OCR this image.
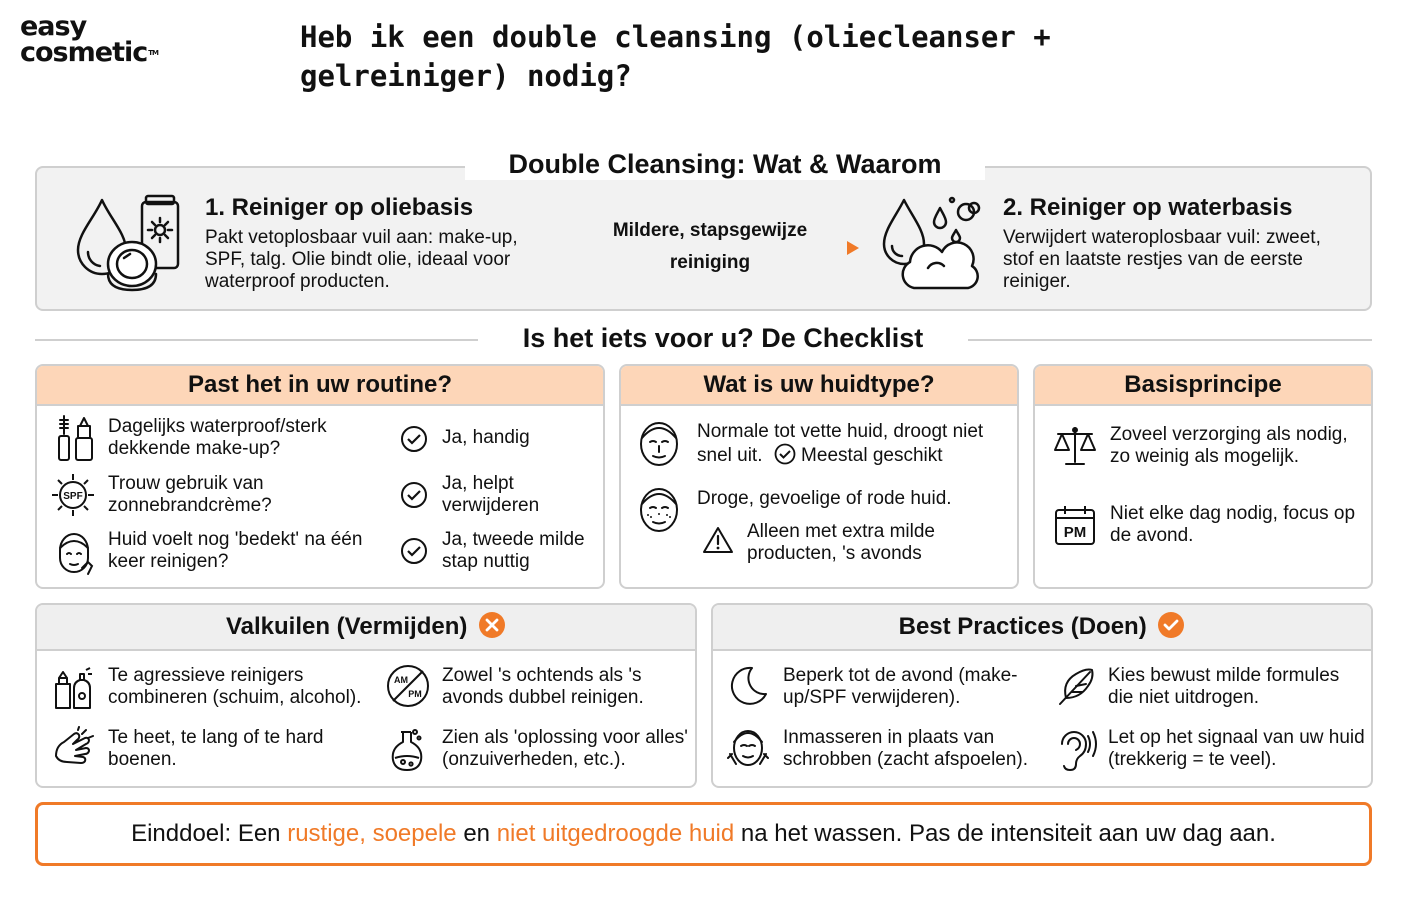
easy
cosmetic™	Heb ik een double cleansing (oliecleanser + gelreiniger) nodig?
Double Cleansing: Wat & Waarom
1. Reiniger op oliebasis
Pakt vetoplosbaar vuil aan: make-up, SPF, talg. Olie bindt olie, ideaal voor waterproof producten.
Mildere, stapsgewijze
reiniging
2. Reiniger op waterbasis
Verwijdert wateroplosbaar vuil: zweet, stof en laatste restjes van de eerste reiniger.
Is het iets voor u? De Checklist
Past het in uw routine?
Dagelijks waterproof/sterk dekkende make-up?
Ja, handig
SPF
Trouw gebruik van zonnebrandcrème?
Ja, helpt verwijderen
Huid voelt nog 'bedekt' na één keer reinigen?
Ja, tweede milde stap nuttig
Wat is uw huidtype?
Normale tot vette huid, droogt niet snel uit. Meestal geschikt
Droge, gevoelige of rode huid.
Alleen met extra milde producten, 's avonds
Basisprincipe
Zoveel verzorging als nodig, zo weinig als mogelijk.
PM
Niet elke dag nodig, focus op de avond.
Valkuilen (Vermijden)
Te agressieve reinigers combineren (schuim, alcohol).
AM
PM
Zowel 's ochtends als 's avonds dubbel reinigen.
Te heet, te lang of te hard boenen.
Zien als 'oplossing voor alles' (onzuiverheden, etc.).
Best Practices (Doen)
Beperk tot de avond (make-up/SPF verwijderen).
Kies bewust milde formules die niet uitdrogen.
Inmasseren in plaats van schrobben (zacht afspoelen).
Let op het signaal van uw huid (trekkerig = te veel).
Einddoel: Een rustige, soepele en niet uitgedroogde huid na het wassen. Pas de intensiteit aan uw dag aan.
